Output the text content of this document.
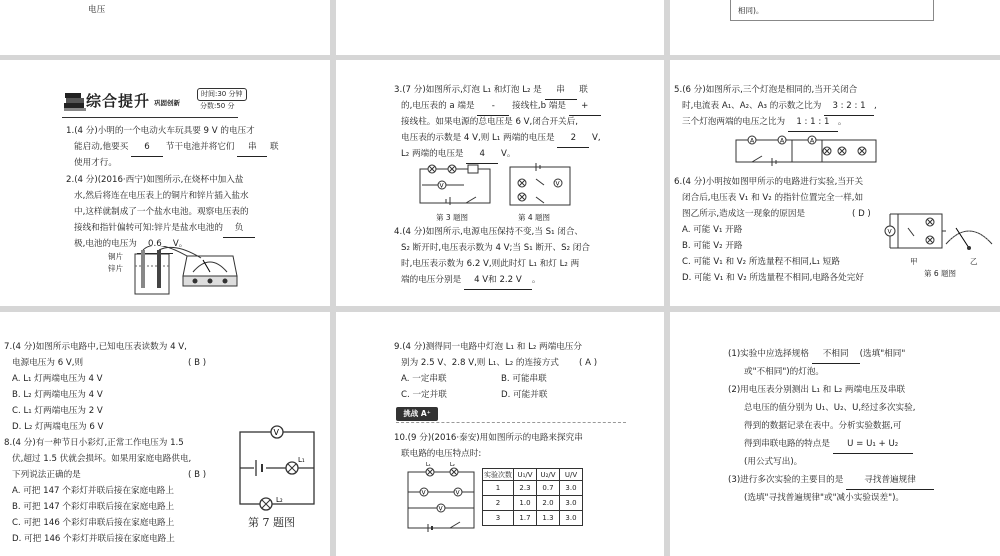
电压	相同)。
综合提升 巩固创新
时间:30 分钟
分数:50 分
1.(4 分)小明的一个电动火车玩具要 9 V 的电压才
能启动,他要买 6 节干电池并将它们 串 联
使用才行。
2.(4 分)(2016·西宁)如图所示,在烧杯中加入盐
水,然后将连在电压表上的铜片和锌片插入盐水
中,这样就制成了一个盐水电池。观察电压表的
接线和指针偏转可知:锌片是盐水电池的 负
极,电池的电压为 0.6 V。
铜片
锌片
3.(7 分)如图所示,灯泡 L₁ 和灯泡 L₂ 是 串 联
的,电压表的 a 端是 - 接线柱,b 端是 +
接线柱。如果电源的总电压是 6 V,闭合开关后,
电压表的示数是 4 V,则 L₁ 两端的电压是 2 V,
L₂ 两端的电压是 4 V。
V
第 3 题图
V
第 4 题图
4.(4 分)如图所示,电源电压保持不变,当 S₁ 闭合、
S₂ 断开时,电压表示数为 4 V;当 S₁ 断开、S₂ 闭合
时,电压表示数为 6.2 V,则此时灯 L₁ 和灯 L₂ 两
端的电压分别是 4 V和 2.2 V 。
5.(6 分)如图所示,三个灯泡是相同的,当开关闭合
时,电流表 A₁、A₂、A₃ 的示数之比为 3 : 2 : 1 ,
三个灯泡两端的电压之比为 1 : 1 : 1 。
A	A	A
6.(4 分)小明按如图甲所示的电路进行实验,当开关
闭合后,电压表 V₁ 和 V₂ 的指针位置完全一样,如
图乙所示,造成这一现象的原因是	( D )
A. 可能 V₁ 开路
B. 可能 V₂ 开路
C. 可能 V₁ 和 V₂ 所选量程不相同,L₁ 短路
D. 可能 V₁ 和 V₂ 所选量程不相同,电路各处完好
V
甲	乙
第 6 题图
7.(4 分)如图所示电路中,已知电压表读数为 4 V,
电源电压为 6 V,则	( B )
A. L₁ 灯两端电压为 4 V
B. L₂ 灯两端电压为 4 V
C. L₁ 灯两端电压为 2 V
D. L₂ 灯两端电压为 6 V
8.(4 分)有一种节日小彩灯,正常工作电压为 1.5
伏,超过 1.5 伏就会损坏。如果用家庭电路供电,
下列说法正确的是	( B )
A. 可把 147 个彩灯并联后接在家庭电路上
B. 可把 147 个彩灯串联后接在家庭电路上
C. 可把 146 个彩灯串联后接在家庭电路上
D. 可把 146 个彩灯并联后接在家庭电路上
V
L₁
L₂
第 7 题图
9.(4 分)测得同一电路中灯泡 L₁ 和 L₂ 两端电压分
别为 2.5 V、2.8 V,则 L₁、L₂ 的连接方式 ( A )
A. 一定串联	B. 可能串联
C. 一定并联	D. 可能并联
挑战 A⁺
10.(9 分)(2016·泰安)用如图所示的电路来探究串
联电路的电压特点时:
L₁	L₂
V	V
V
实验次数	U₁/V	U₂/V	U/V
1	2.3	0.7	3.0
2	1.0	2.0	3.0
3	1.7	1.3	3.0
(1)实验中应选择规格 不相同 (选填"相同"
或"不相同")的灯泡。
(2)用电压表分别测出 L₁ 和 L₂ 两端电压及串联
总电压的值分别为 U₁、U₂、U,经过多次实验,
得到的数据记录在表中。分析实验数据,可
得到串联电路的特点是 U = U₁ + U₂
(用公式写出)。
(3)进行多次实验的主要目的是 寻找普遍规律
(选填"寻找普遍规律"或"减小实验误差")。
